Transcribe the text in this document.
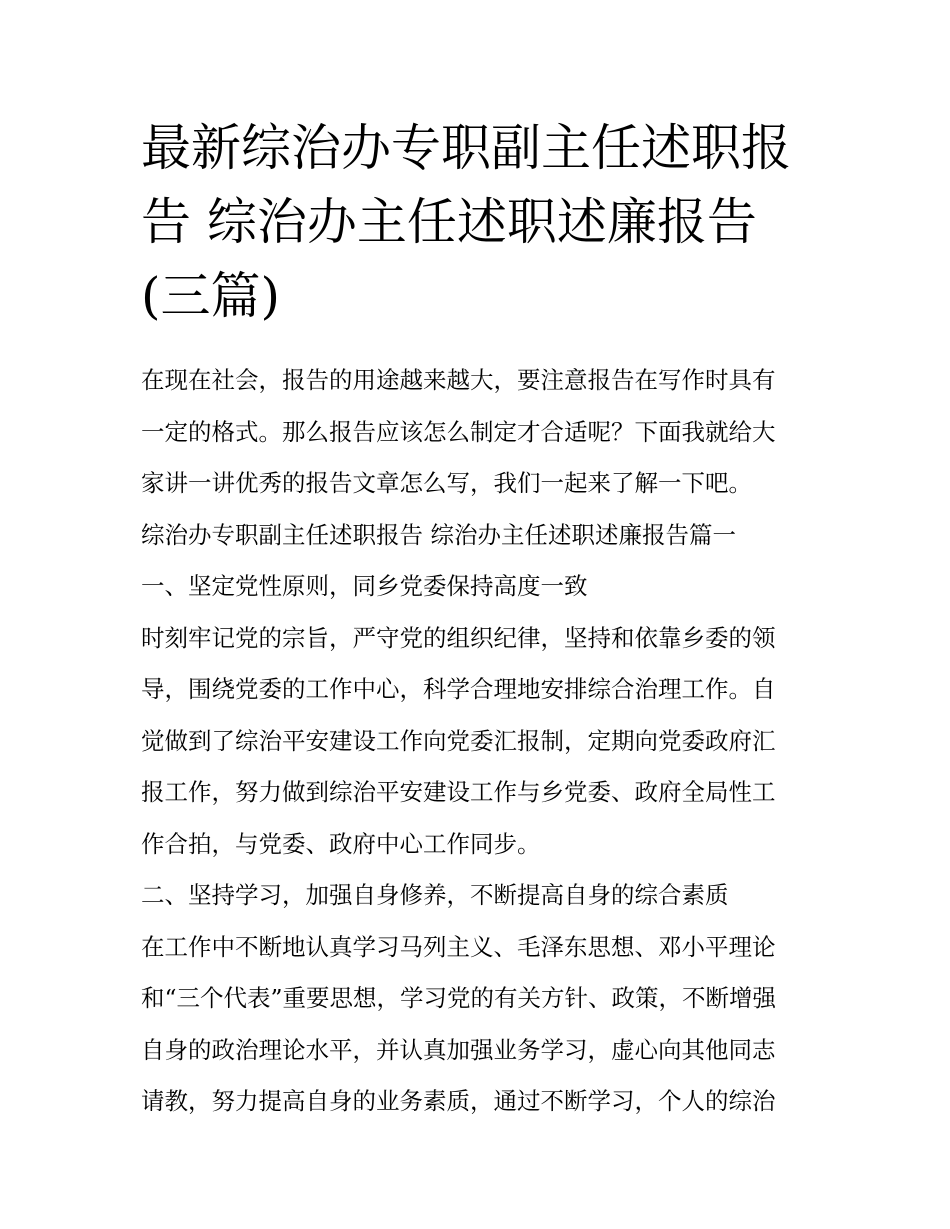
最新综治办专职副主任述职报
告 综治办主任述职述廉报告
(三篇)

在现在社会，报告的用途越来越大，要注意报告在写作时具有
一定的格式。那么报告应该怎么制定才合适呢？下面我就给大
家讲一讲优秀的报告文章怎么写，我们一起来了解一下吧。

综治办专职副主任述职报告 综治办主任述职述廉报告篇一

一、坚定党性原则，同乡党委保持高度一致

时刻牢记党的宗旨，严守党的组织纪律，坚持和依靠乡委的领
导，围绕党委的工作中心，科学合理地安排综合治理工作。自
觉做到了综治平安建设工作向党委汇报制，定期向党委政府汇
报工作，努力做到综治平安建设工作与乡党委、政府全局性工
作合拍，与党委、政府中心工作同步。

二、坚持学习，加强自身修养，不断提高自身的综合素质

在工作中不断地认真学习马列主义、毛泽东思想、邓小平理论
和“三个代表”重要思想，学习党的有关方针、政策，不断增强
自身的政治理论水平，并认真加强业务学习，虚心向其他同志
请教，努力提高自身的业务素质，通过不断学习，个人的综治
